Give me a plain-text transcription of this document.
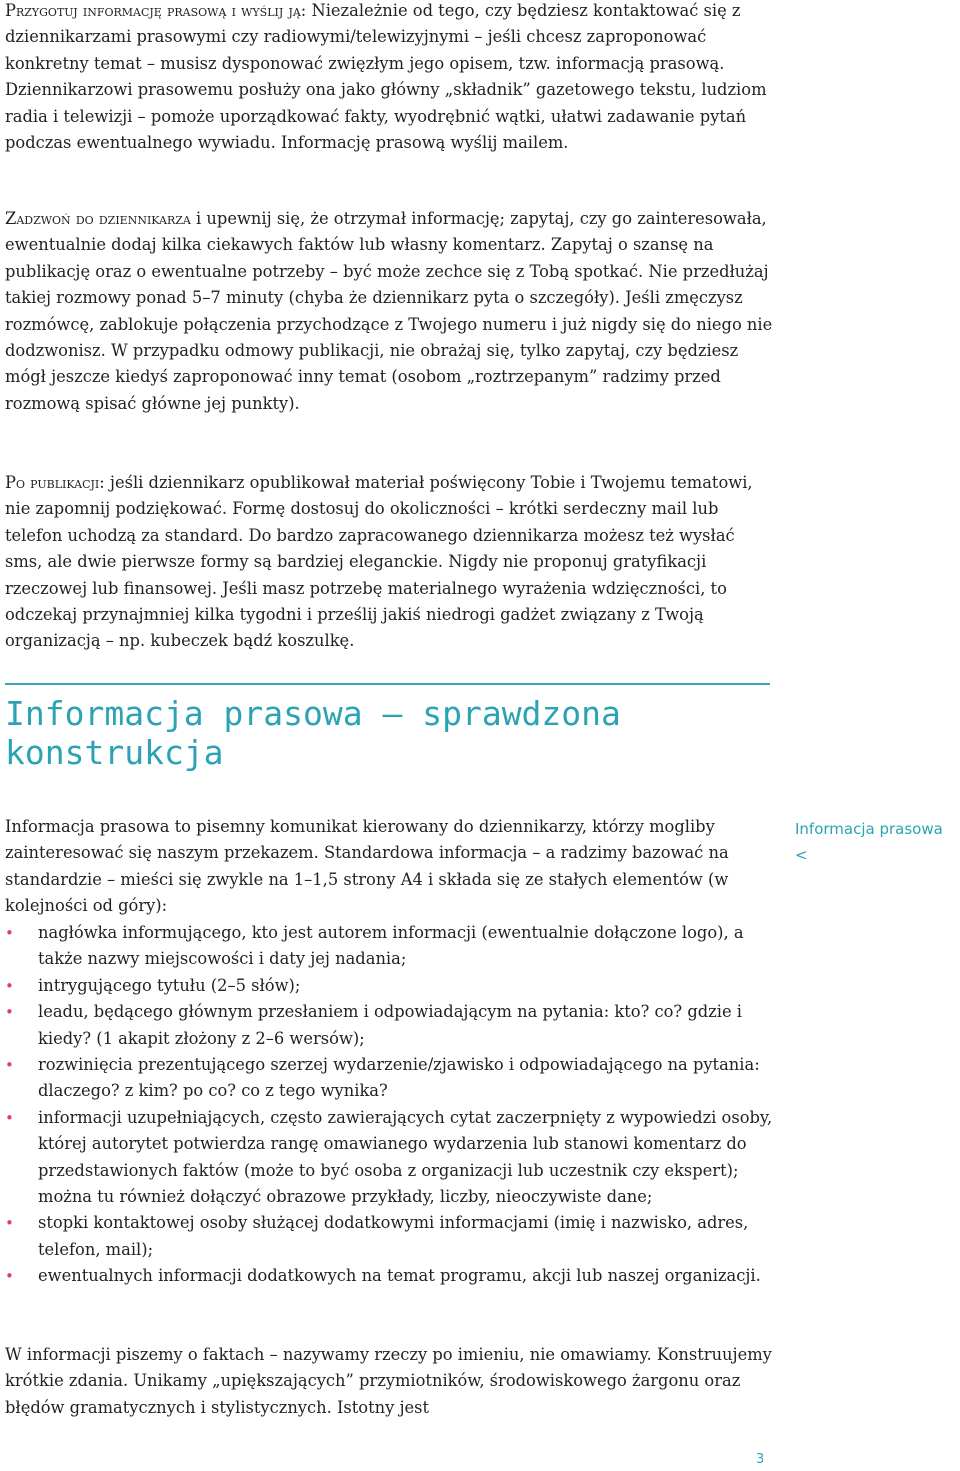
Przygotuj informację prasową i wyślij ją: Niezależnie od tego, czy będziesz kontaktować się z dziennikarzami prasowymi czy radiowymi/telewizyjnymi – jeśli chcesz zaproponować konkretny temat – musisz dysponować zwięzłym jego opisem, tzw. informacją prasową. Dziennikarzowi prasowemu posłuży ona jako główny „składnik” gazetowego tekstu, ludziom radia i telewizji – pomoże uporządkować fakty, wyodrębnić wątki, ułatwi zadawanie pytań podczas ewentualnego wywiadu. Informację prasową wyślij mailem.

Zadzwoń do dziennikarza i upewnij się, że otrzymał informację; zapytaj, czy go zainteresowała, ewentualnie dodaj kilka ciekawych faktów lub własny komentarz. Zapytaj o szansę na publikację oraz o ewentualne potrzeby – być może zechce się z Tobą spotkać. Nie przedłużaj takiej rozmowy ponad 5–7 minuty (chyba że dziennikarz pyta o szczegóły). Jeśli zmęczysz rozmówcę, zablokuje połączenia przychodzące z Twojego numeru i już nigdy się do niego nie dodzwonisz. W przypadku odmowy publikacji, nie obrażaj się, tylko zapytaj, czy będziesz mógł jeszcze kiedyś zaproponować inny temat (osobom „roztrzepanym” radzimy przed rozmową spisać główne jej punkty).

Po publikacji: jeśli dziennikarz opublikował materiał poświęcony Tobie i Twojemu tematowi, nie zapomnij podziękować. Formę dostosuj do okoliczności – krótki serdeczny mail lub telefon uchodzą za standard. Do bardzo zapracowanego dziennikarza możesz też wysłać sms, ale dwie pierwsze formy są bardziej eleganckie. Nigdy nie proponuj gratyfikacji rzeczowej lub finansowej. Jeśli masz potrzebę materialnego wyrażenia wdzięczności, to odczekaj przynajmniej kilka tygodni i prześlij jakiś niedrogi gadżet związany z Twoją organizacją – np. kubeczek bądź koszulkę.

Informacja prasowa – sprawdzona konstrukcja

Informacja prasowa to pisemny komunikat kierowany do dziennikarzy, którzy mogliby zainteresować się naszym przekazem. Standardowa informacja – a radzimy bazować na standardzie – mieści się zwykle na 1–1,5 strony A4 i składa się ze stałych elementów (w kolejności od góry):

Informacja prasowa
<
• nagłówka informującego, kto jest autorem informacji (ewentualnie dołączone logo), a także nazwy miejscowości i daty jej nadania;
• intrygującego tytułu (2–5 słów);
• leadu, będącego głównym przesłaniem i odpowiadającym na pytania: kto? co? gdzie i kiedy? (1 akapit złożony z 2–6 wersów);
• rozwinięcia prezentującego szerzej wydarzenie/zjawisko i odpowiadającego na pytania: dlaczego? z kim? po co? co z tego wynika?
• informacji uzupełniających, często zawierających cytat zaczerpnięty z wypowiedzi osoby, której autorytet potwierdza rangę omawianego wydarzenia lub stanowi komentarz do przedstawionych faktów (może to być osoba z organizacji lub uczestnik czy ekspert); można tu również dołączyć obrazowe przykłady, liczby, nieoczywiste dane;
• stopki kontaktowej osoby służącej dodatkowymi informacjami (imię i nazwisko, adres, telefon, mail);
• ewentualnych informacji dodatkowych na temat programu, akcji lub naszej organizacji.

W informacji piszemy o faktach – nazywamy rzeczy po imieniu, nie omawiamy. Konstruujemy krótkie zdania. Unikamy „upiększających” przymiotników, środowiskowego żargonu oraz błędów gramatycznych i stylistycznych. Istotny jest

3
